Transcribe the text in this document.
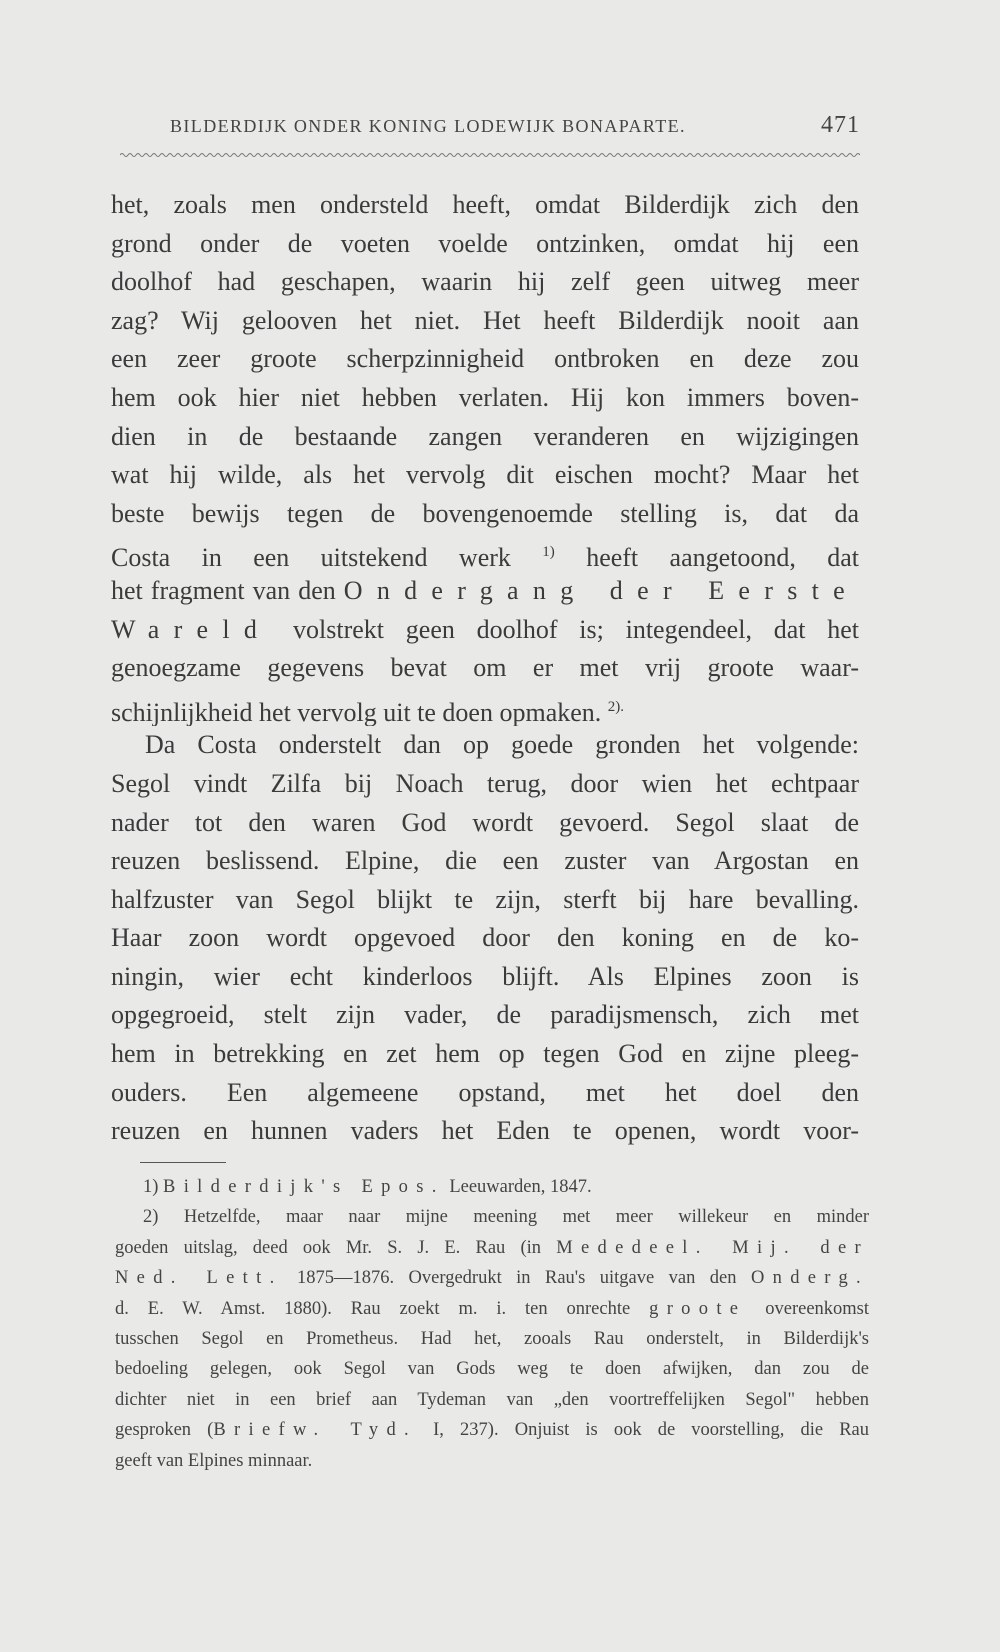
BILDERDIJK ONDER KONING LODEWIJK BONAPARTE.	471
het, zoals men ondersteld heeft, omdat Bilderdijk zich den
grond onder de voeten voelde ontzinken, omdat hij een
doolhof had geschapen, waarin hij zelf geen uitweg meer
zag? Wij gelooven het niet. Het heeft Bilderdijk nooit aan
een zeer groote scherpzinnigheid ontbroken en deze zou
hem ook hier niet hebben verlaten. Hij kon immers boven-
dien in de bestaande zangen veranderen en wijzigingen
wat hij wilde, als het vervolg dit eischen mocht? Maar het
beste bewijs tegen de bovengenoemde stelling is, dat da
Costa in een uitstekend werk $^{1)}$ heeft aangetoond, dat
het fragment van den Ondergang der Eerste
Wareld volstrekt geen doolhof is; integendeel, dat het
genoegzame gegevens bevat om er met vrij groote waar-
schijnlijkheid het vervolg uit te doen opmaken. $^{2).}$
Da Costa onderstelt dan op goede gronden het volgende:
Segol vindt Zilfa bij Noach terug, door wien het echtpaar
nader tot den waren God wordt gevoerd. Segol slaat de
reuzen beslissend. Elpine, die een zuster van Argostan en
halfzuster van Segol blijkt te zijn, sterft bij hare bevalling.
Haar zoon wordt opgevoed door den koning en de ko-
ningin, wier echt kinderloos blijft. Als Elpines zoon is
opgegroeid, stelt zijn vader, de paradijsmensch, zich met
hem in betrekking en zet hem op tegen God en zijne pleeg-
ouders. Een algemeene opstand, met het doel den
reuzen en hunnen vaders het Eden te openen, wordt voor-
1) Bilderdijk's Epos. Leeuwarden, 1847.
2) Hetzelfde, maar naar mijne meening met meer willekeur en minder
goeden uitslag, deed ook Mr. S. J. E. Rau (in Mededeel. Mij. der
Ned. Lett. 1875—1876. Overgedrukt in Rau's uitgave van den Onderg.
d. E. W. Amst. 1880). Rau zoekt m. i. ten onrechte groote overeenkomst
tusschen Segol en Prometheus. Had het, zooals Rau onderstelt, in Bilderdijk's
bedoeling gelegen, ook Segol van Gods weg te doen afwijken, dan zou de
dichter niet in een brief aan Tydeman van „den voortreffelijken Segol" hebben
gesproken (Briefw. Tyd. I, 237). Onjuist is ook de voorstelling, die Rau
geeft van Elpines minnaar.
